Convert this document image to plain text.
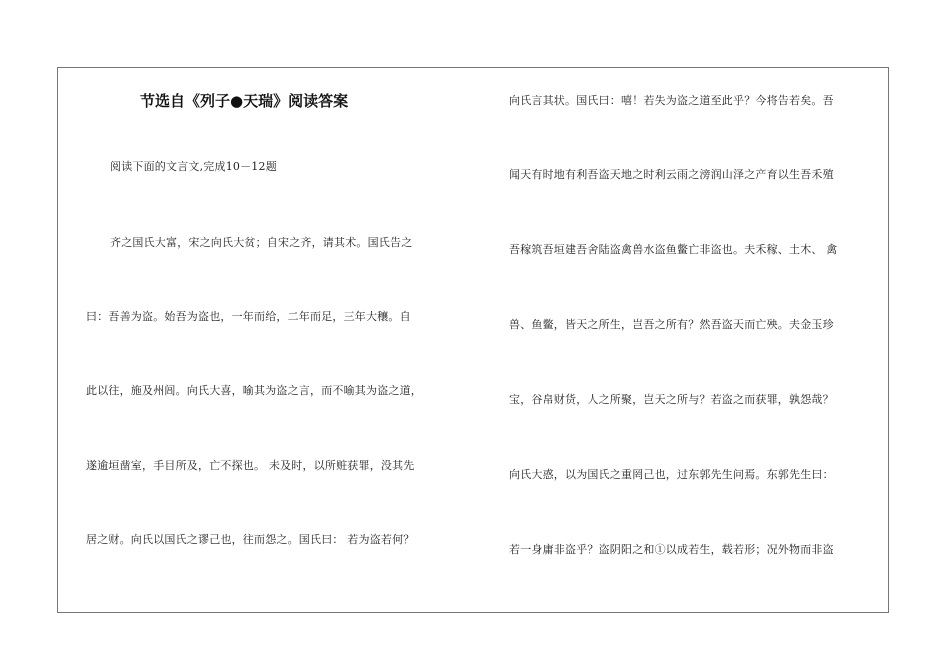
节选自《列子●天瑞》阅读答案
阅读下面的文言文,完成10－12题
齐之国氏大富，宋之向氏大贫；自宋之齐，请其术。国氏告之
曰：吾善为盗。始吾为盗也，一年而给，二年而足，三年大穰。自
此以往，施及州闾。向氏大喜，喻其为盗之言，而不喻其为盗之道，
遂逾垣凿室，手目所及，亡不探也。 未及时，以所赃获罪，没其先
居之财。向氏以国氏之谬己也，往而怨之。国氏曰： 若为盗若何？
向氏言其状。国氏曰：嘻！若失为盗之道至此乎？今将告若矣。吾
闻天有时地有利吾盗天地之时利云雨之滂润山泽之产育以生吾禾殖
吾稼筑吾垣建吾舍陆盗禽兽水盗鱼鳖亡非盗也。夫禾稼、土木、 禽
兽、鱼鳖，皆天之所生，岂吾之所有？然吾盗天而亡殃。夫金玉珍
宝，谷帛财货，人之所聚，岂天之所与？若盗之而获罪，孰怨哉？
向氏大惑，以为国氏之重罔己也，过东郭先生问焉。东郭先生曰：
若一身庸非盗乎？盗阴阳之和①以成若生，载若形；况外物而非盗
